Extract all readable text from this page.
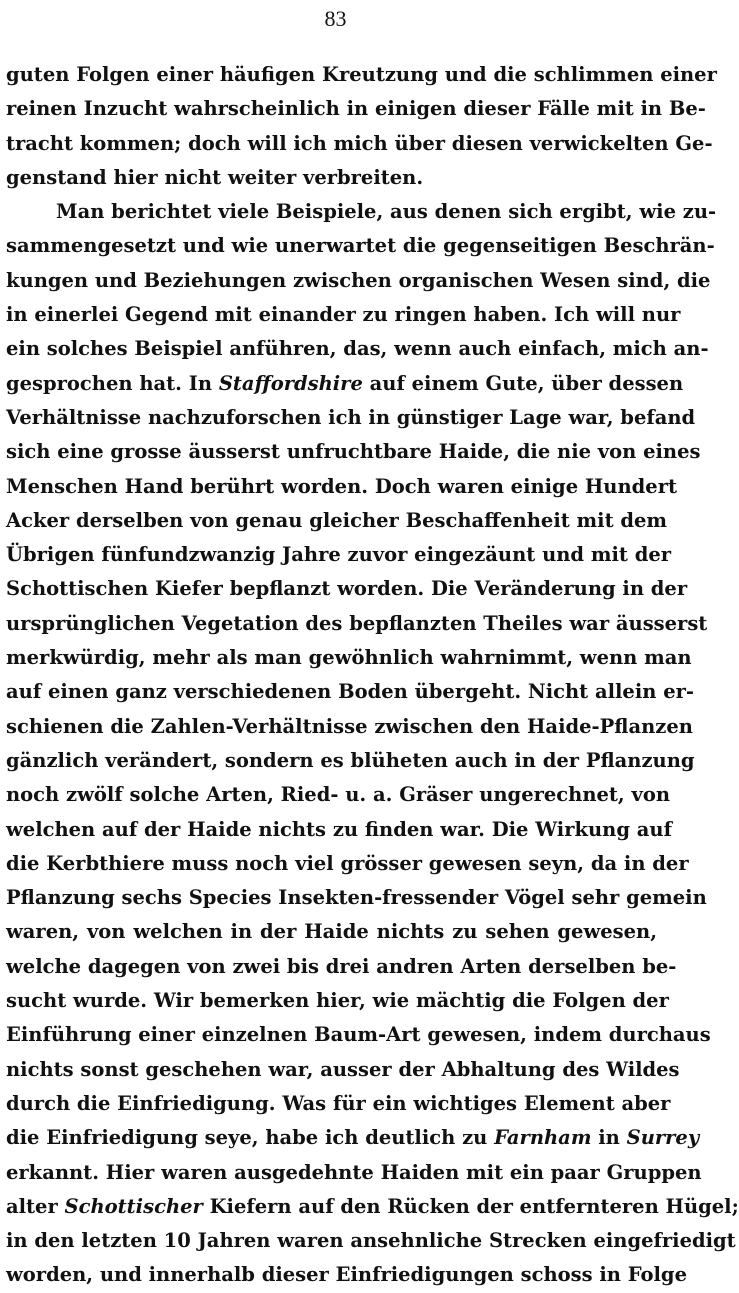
83
guten Folgen einer häufigen Kreutzung und die schlimmen einer
reinen Inzucht wahrscheinlich in einigen dieser Fälle mit in Be-
tracht kommen; doch will ich mich über diesen verwickelten Ge-
genstand hier nicht weiter verbreiten.
Man berichtet viele Beispiele, aus denen sich ergibt, wie zu-
sammengesetzt und wie unerwartet die gegenseitigen Beschrän-
kungen und Beziehungen zwischen organischen Wesen sind, die
in einerlei Gegend mit einander zu ringen haben. Ich will nur
ein solches Beispiel anführen, das, wenn auch einfach, mich an-
gesprochen hat. In Staffordshire auf einem Gute, über dessen
Verhältnisse nachzuforschen ich in günstiger Lage war, befand
sich eine grosse äusserst unfruchtbare Haide, die nie von eines
Menschen Hand berührt worden. Doch waren einige Hundert
Acker derselben von genau gleicher Beschaffenheit mit dem
Übrigen fünfundzwanzig Jahre zuvor eingezäunt und mit der
Schottischen Kiefer bepflanzt worden. Die Veränderung in der
ursprünglichen Vegetation des bepflanzten Theiles war äusserst
merkwürdig, mehr als man gewöhnlich wahrnimmt, wenn man
auf einen ganz verschiedenen Boden übergeht. Nicht allein er-
schienen die Zahlen-Verhältnisse zwischen den Haide-Pflanzen
gänzlich verändert, sondern es blüheten auch in der Pflanzung
noch zwölf solche Arten, Ried- u. a. Gräser ungerechnet, von
welchen auf der Haide nichts zu finden war. Die Wirkung auf
die Kerbthiere muss noch viel grösser gewesen seyn, da in der
Pflanzung sechs Species Insekten-fressender Vögel sehr gemein
waren, von welchen in der Haide nichts zu sehen gewesen,
welche dagegen von zwei bis drei andren Arten derselben be-
sucht wurde. Wir bemerken hier, wie mächtig die Folgen der
Einführung einer einzelnen Baum-Art gewesen, indem durchaus
nichts sonst geschehen war, ausser der Abhaltung des Wildes
durch die Einfriedigung. Was für ein wichtiges Element aber
die Einfriedigung seye, habe ich deutlich zu Farnham in Surrey
erkannt. Hier waren ausgedehnte Haiden mit ein paar Gruppen
alter Schottischer Kiefern auf den Rücken der entfernteren Hügel;
in den letzten 10 Jahren waren ansehnliche Strecken eingefriedigt
worden, und innerhalb dieser Einfriedigungen schoss in Folge
